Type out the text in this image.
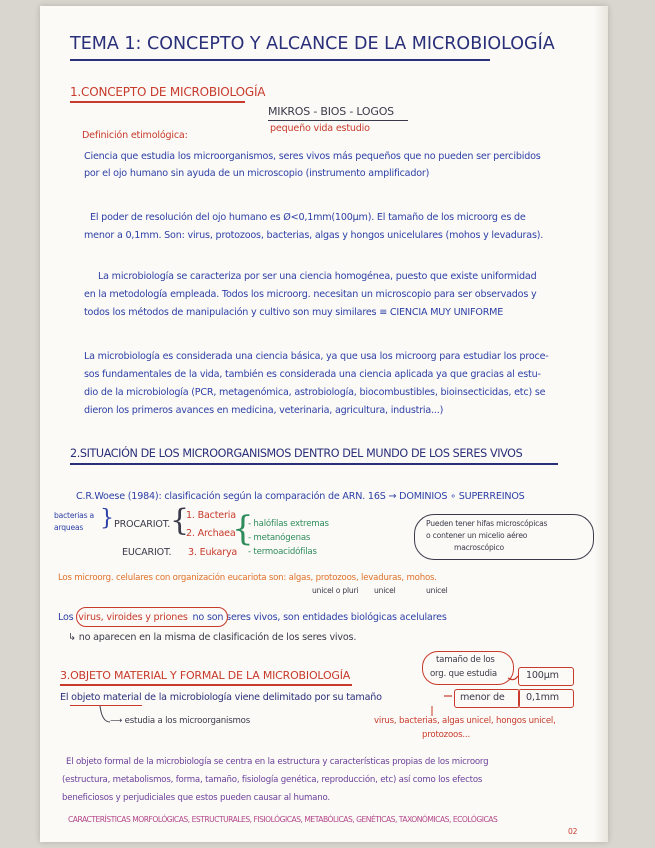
TEMA 1: CONCEPTO Y ALCANCE DE LA MICROBIOLOGÍA
1.CONCEPTO DE MICROBIOLOGÍA
MIKROS - BIOS - LOGOS
pequeño vida estudio
Definición etimológica:
Ciencia que estudia los microorganismos, seres vivos más pequeños que no pueden ser percibidos
por el ojo humano sin ayuda de un microscopio (instrumento amplificador)
El poder de resolución del ojo humano es Ø<0,1mm(100μm). El tamaño de los microorg es de
menor a 0,1mm. Son: virus, protozoos, bacterias, algas y hongos unicelulares (mohos y levaduras).
La microbiología se caracteriza por ser una ciencia homogénea, puesto que existe uniformidad
en la metodología empleada. Todos los microorg. necesitan un microscopio para ser observados y
todos los métodos de manipulación y cultivo son muy similares ≡ CIENCIA MUY UNIFORME
La microbiología es considerada una ciencia básica, ya que usa los microorg para estudiar los proce-
sos fundamentales de la vida, también es considerada una ciencia aplicada ya que gracias al estu-
dio de la microbiología (PCR, metagenómica, astrobiología, biocombustibles, bioinsecticidas, etc) se
dieron los primeros avances en medicina, veterinaria, agricultura, industria...)
2.SITUACIÓN DE LOS MICROORGANISMOS DENTRO DEL MUNDO DE LOS SERES VIVOS
C.R.Woese (1984): clasificación según la comparación de ARN. 16S → DOMINIOS ∘ SUPERREINOS
bacterias a
arqueas } PROCARIOT. {
1. Bacteria
2. Archaea
EUCARIOT. 3. Eukarya
{
- halófilas extremas
- metanógenas
- termoacidófilas
Pueden tener hifas microscópicas
o contener un micelio aéreo
macroscópico
Los microorg. celulares con organización eucariota son: algas, protozoos, levaduras, mohos.
unicel o pluri unicel	unicel
Los virus, viroides y priones no son seres vivos, son entidades biológicas acelulares
↳ no aparecen en la misma de clasificación de los seres vivos.
3.OBJETO MATERIAL Y FORMAL DE LA MICROBIOLOGÍA
tamaño de los
org. que estudia	100μm
El objeto material de la microbiología viene delimitado por su tamaño	menor de 0,1mm
⟶ estudia a los microorganismos	virus, bacterias, algas unicel, hongos unicel,
protozoos...
El objeto formal de la microbiología se centra en la estructura y características propias de los microorg
(estructura, metabolismos, forma, tamaño, fisiología genética, reproducción, etc) así como los efectos
beneficiosos y perjudiciales que estos pueden causar al humano.
CARACTERÍSTICAS MORFOLÓGICAS, ESTRUCTURALES, FISIOLÓGICAS, METABÓLICAS, GENÉTICAS, TAXONÓMICAS, ECOLÓGICAS
02
